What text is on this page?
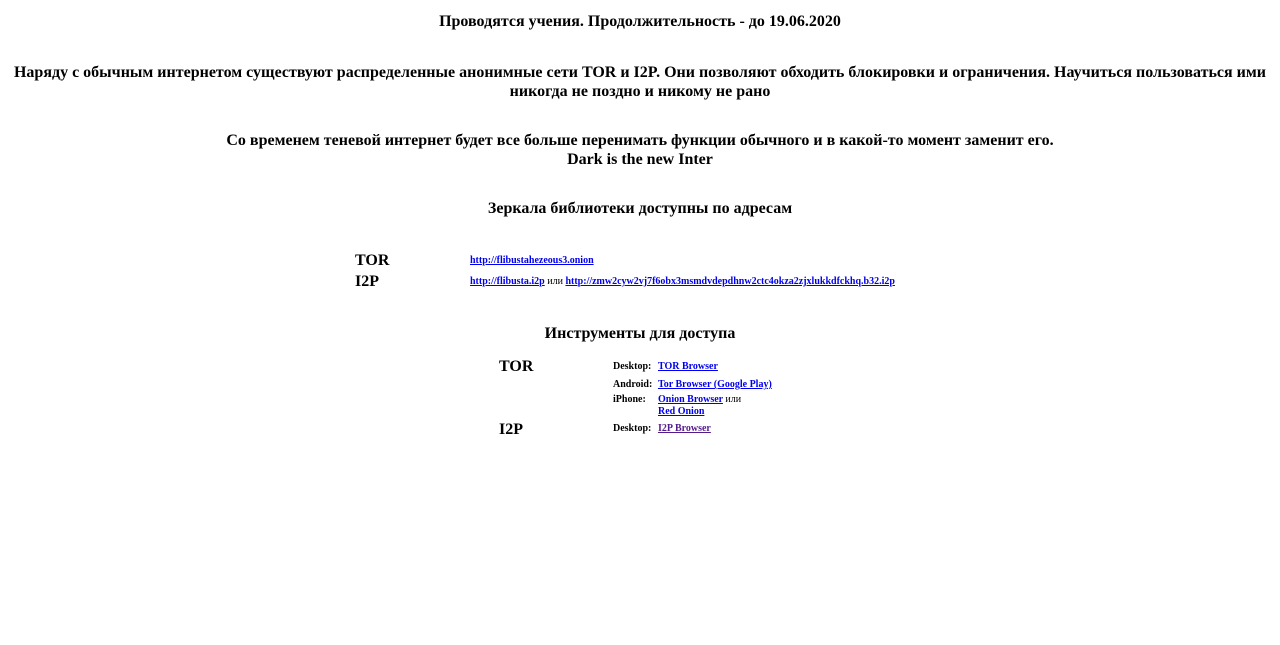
Проводятся учения. Продолжительность - до 19.06.2020

Наряду с обычным интернетом существуют распределенные анонимные сети TOR и I2P. Они позволяют обходить блокировки и ограничения. Научиться пользоваться ими
никогда не поздно и никому не рано

Со временем теневой интернет будет все больше перенимать функции обычного и в какой-то момент заменит его.
Dark is the new Inter

Зеркала библиотеки доступны по адресам

TOR	http://flibustahezeous3.onion
I2P	http://flibusta.i2p или http://zmw2cyw2vj7f6obx3msmdvdepdhnw2ctc4okza2zjxlukkdfckhq.b32.i2p

Инструменты для доступа

TOR	Desktop: TOR Browser
Android: Tor Browser (Google Play)
iPhone: Onion Browser или
Red Onion
I2P	Desktop: I2P Browser
